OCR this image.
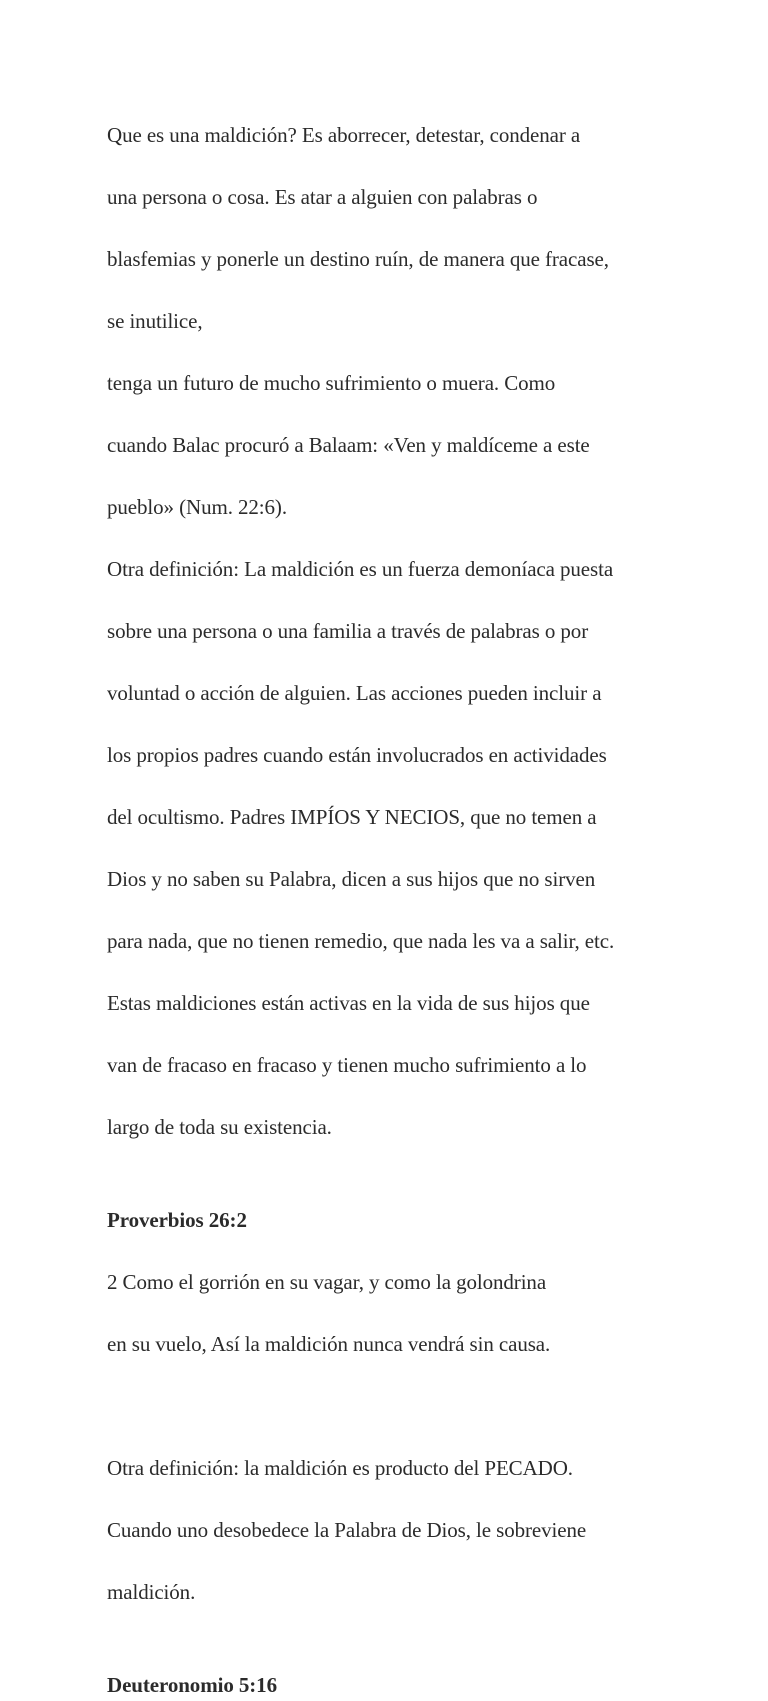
Que es una maldición? Es aborrecer, detestar, condenar a

una persona o cosa. Es atar a alguien con palabras o

blasfemias y ponerle un destino ruín, de manera que fracase,

se inutilice,

tenga un futuro de mucho sufrimiento o muera. Como

cuando Balac procuró a Balaam: «Ven y maldíceme a este

pueblo» (Num. 22:6).

Otra definición: La maldición es un fuerza demoníaca puesta

sobre una persona o una familia a través de palabras o por

voluntad o acción de alguien. Las acciones pueden incluir a

los propios padres cuando están involucrados en actividades

del ocultismo. Padres IMPÍOS Y NECIOS, que no temen a

Dios y no saben su Palabra, dicen a sus hijos que no sirven

para nada, que no tienen remedio, que nada les va a salir, etc.

Estas maldiciones están activas en la vida de sus hijos que

van de fracaso en fracaso y tienen mucho sufrimiento a lo

largo de toda su existencia.

Proverbios 26:2

2 Como el gorrión en su vagar, y como la golondrina

en su vuelo, Así la maldición nunca vendrá sin causa.

Otra definición: la maldición es producto del PECADO.

Cuando uno desobedece la Palabra de Dios, le sobreviene

maldición.

Deuteronomio 5:16
